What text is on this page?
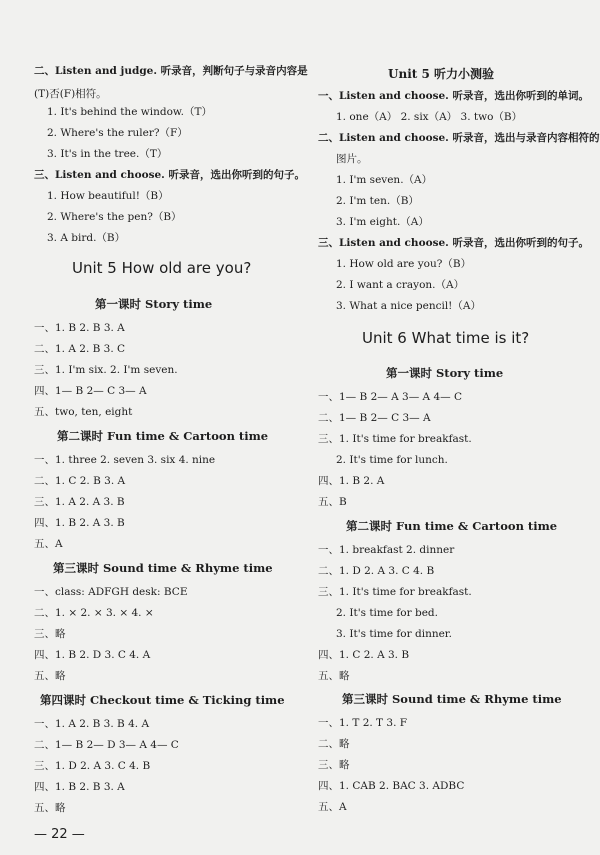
二、Listen and judge. 听录音，判断句子与录音内容是
(T)否(F)相符。
1. It's behind the window.（T）
2. Where's the ruler?（F）
3. It's in the tree.（T）
三、Listen and choose. 听录音，选出你听到的句子。
1. How beautiful!（B）
2. Where's the pen?（B）
3. A bird.（B）
Unit 5 How old are you?
第一课时 Story time
一、1. B 2. B 3. A
二、1. A 2. B 3. C
三、1. I'm six. 2. I'm seven.
四、1— B 2— C 3— A
五、two, ten, eight
第二课时 Fun time & Cartoon time
一、1. three 2. seven 3. six 4. nine
二、1. C 2. B 3. A
三、1. A 2. A 3. B
四、1. B 2. A 3. B
五、A
第三课时 Sound time & Rhyme time
一、class: ADFGH desk: BCE
二、1. × 2. × 3. × 4. ×
三、略
四、1. B 2. D 3. C 4. A
五、略
第四课时 Checkout time & Ticking time
一、1. A 2. B 3. B 4. A
二、1— B 2— D 3— A 4— C
三、1. D 2. A 3. C 4. B
四、1. B 2. B 3. A
五、略
Unit 5 听力小测验
一、Listen and choose. 听录音，选出你听到的单词。
1. one（A） 2. six（A） 3. two（B）
二、Listen and choose. 听录音，选出与录音内容相符的
图片。
1. I'm seven.（A）
2. I'm ten.（B）
3. I'm eight.（A）
三、Listen and choose. 听录音，选出你听到的句子。
1. How old are you?（B）
2. I want a crayon.（A）
3. What a nice pencil!（A）
Unit 6 What time is it?
第一课时 Story time
一、1— B 2— A 3— A 4— C
二、1— B 2— C 3— A
三、1. It's time for breakfast.
2. It's time for lunch.
四、1. B 2. A
五、B
第二课时 Fun time & Cartoon time
一、1. breakfast 2. dinner
二、1. D 2. A 3. C 4. B
三、1. It's time for breakfast.
2. It's time for bed.
3. It's time for dinner.
四、1. C 2. A 3. B
五、略
第三课时 Sound time & Rhyme time
一、1. T 2. T 3. F
二、略
三、略
四、1. CAB 2. BAC 3. ADBC
五、A
— 22 —
